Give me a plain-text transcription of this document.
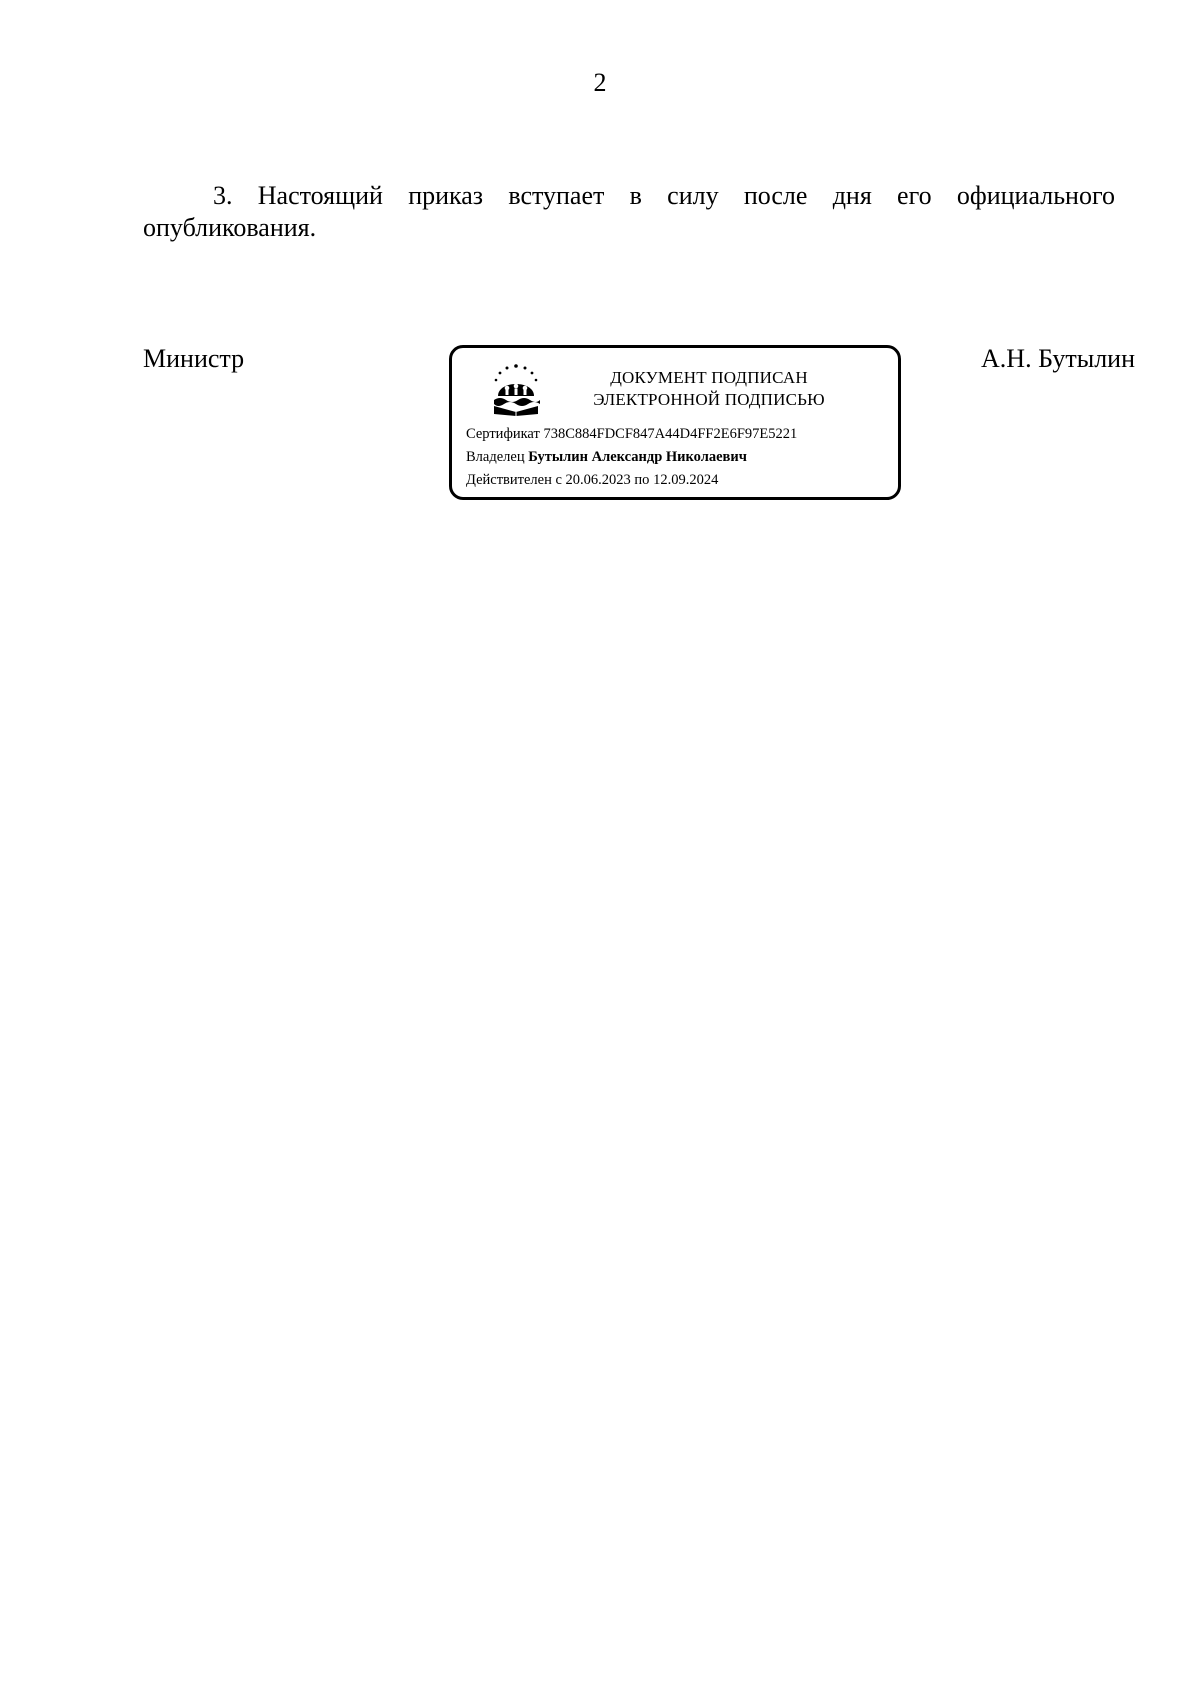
2

3. Настоящий приказ вступает в силу после дня его официального опубликования.

Министр	А.Н. Бутылин
ДОКУМЕНТ ПОДПИСАН
ЭЛЕКТРОННОЙ ПОДПИСЬЮ
Сертификат 738C884FDCF847A44D4FF2E6F97E5221
Владелец Бутылин Александр Николаевич
Действителен с 20.06.2023 по 12.09.2024
